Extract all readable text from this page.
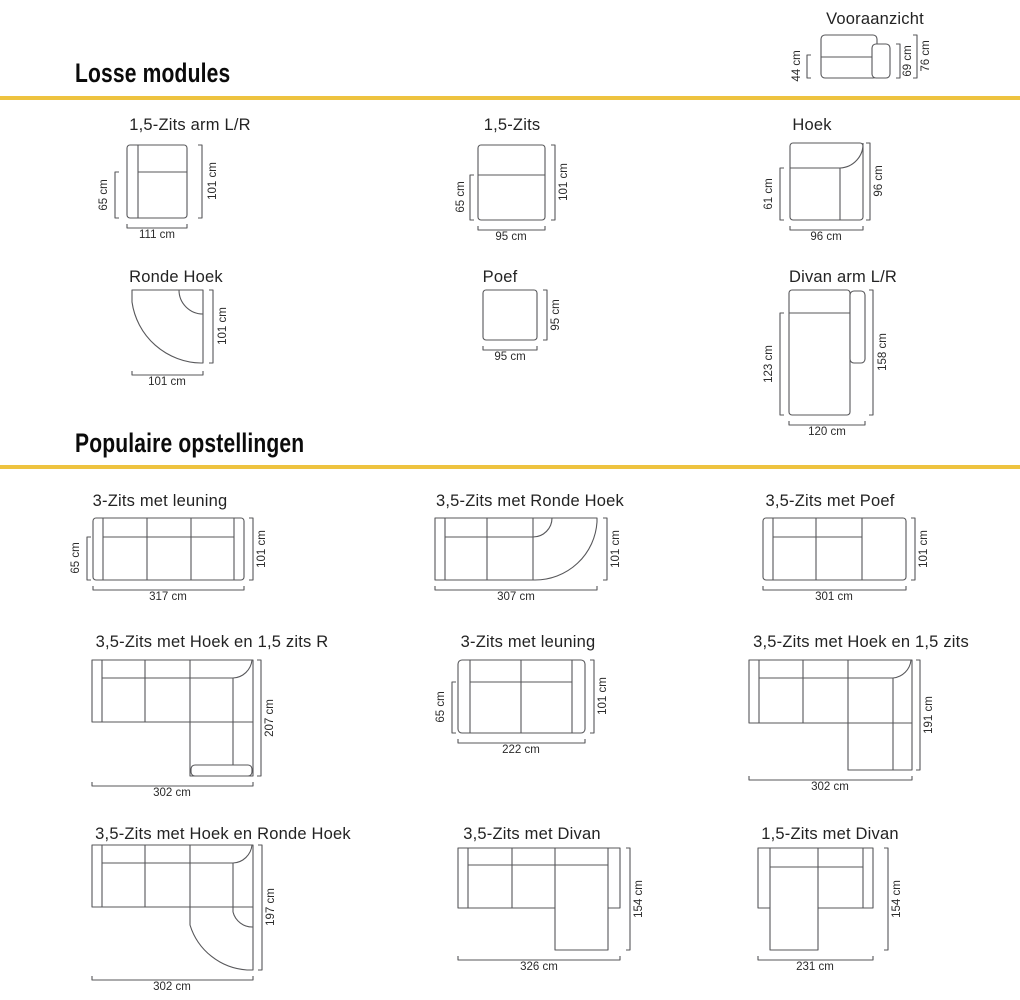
Losse modules
Populaire opstellingen
Vooraanzicht
1,5-Zits arm L/R	1,5-Zits	Hoek
Ronde Hoek	Poef	Divan arm L/R
3-Zits met leuning	3,5-Zits met Ronde Hoek	3,5-Zits met Poef
3,5-Zits met Hoek en 1,5 zits R	3-Zits met leuning	3,5-Zits met Hoek en 1,5 zits
3,5-Zits met Hoek en Ronde Hoek	3,5-Zits met Divan	1,5-Zits met Divan
44 cm	69 cm 76 cm
65 cm	101 cm
111 cm
65 cm	101 cm
95 cm
61 cm	96 cm
96 cm
101 cm
101 cm
95 cm
95 cm	123 cm	158 cm
120 cm
65 cm	101 cm
317 cm
101 cm
307 cm
101 cm
301 cm
207 cm
302 cm
65 cm	101 cm
222 cm
191 cm
302 cm
197 cm
302 cm
154 cm
326 cm
154 cm
231 cm
